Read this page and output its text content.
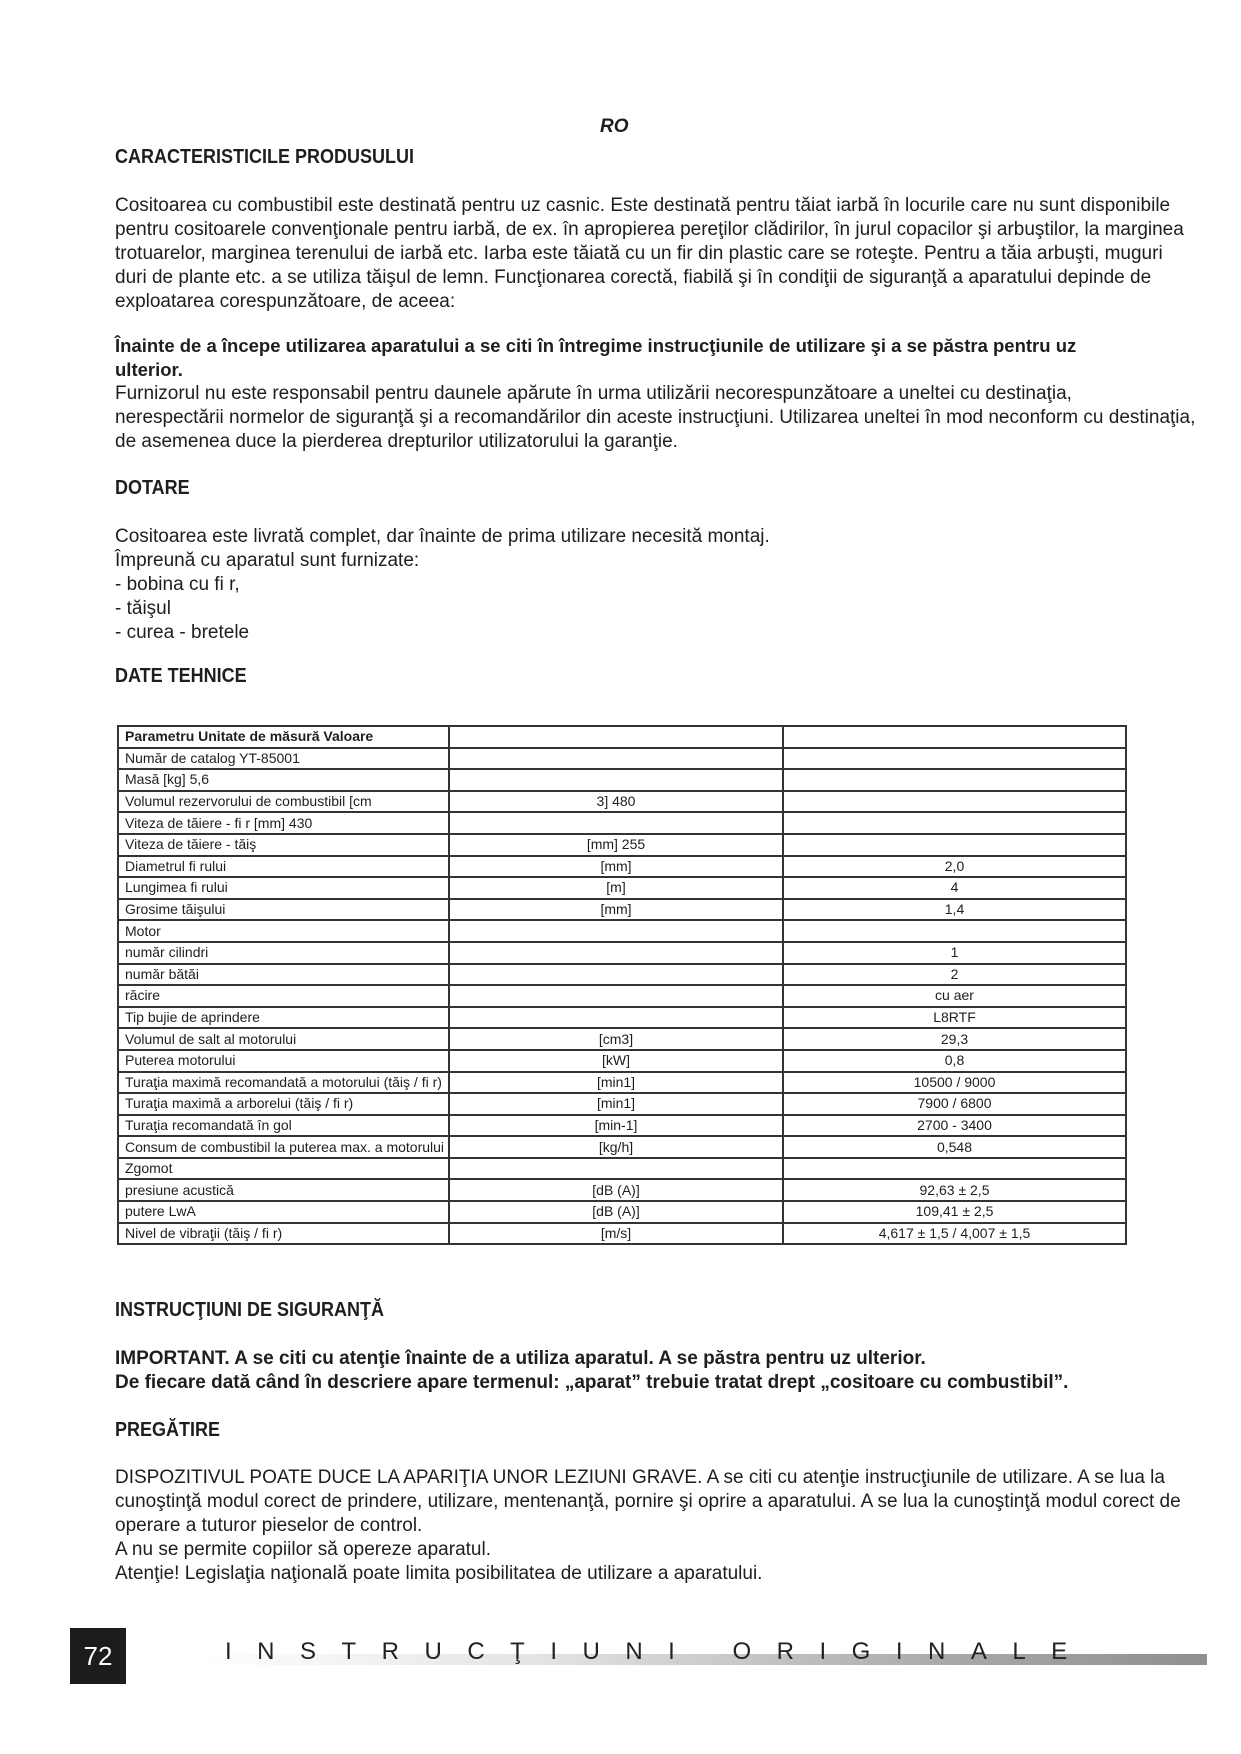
RO
CARACTERISTICILE PRODUSULUI
Cositoarea cu combustibil este destinată pentru uz casnic. Este destinată pentru tăiat iarbă în locurile care nu sunt disponibile
pentru cositoarele convenţionale pentru iarbă, de ex. în apropierea pereţilor clădirilor, în jurul copacilor şi arbuştilor, la marginea
trotuarelor, marginea terenului de iarbă etc. Iarba este tăiată cu un fir din plastic care se roteşte. Pentru a tăia arbuşti, muguri
duri de plante etc. a se utiliza tăişul de lemn. Funcţionarea corectă, fiabilă şi în condiţii de siguranţă a aparatului depinde de
exploatarea corespunzătoare, de aceea:
Înainte de a începe utilizarea aparatului a se citi în întregime instrucţiunile de utilizare şi a se păstra pentru uz ulterior.
Furnizorul nu este responsabil pentru daunele apărute în urma utilizării necorespunzătoare a uneltei cu destinaţia,
nerespectării normelor de siguranţă şi a recomandărilor din aceste instrucţiuni. Utilizarea uneltei în mod neconform cu destinaţia,
de asemenea duce la pierderea drepturilor utilizatorului la garanţie.
DOTARE
Cositoarea este livrată complet, dar înainte de prima utilizare necesită montaj.
Împreună cu aparatul sunt furnizate:
- bobina cu fi r,
- tăişul
- curea - bretele
DATE TEHNICE
Parametru Unitate de măsură Valoare		
Număr de catalog YT-85001		
Masă [kg] 5,6		
Volumul rezervorului de combustibil [cm	3] 480	
Viteza de tăiere - fi r [mm] 430		
Viteza de tăiere - tăiş	[mm] 255	
Diametrul fi rului	[mm]	2,0
Lungimea fi rului	[m]	4
Grosime tăişului	[mm]	1,4
Motor		
număr cilindri		1
număr bătăi		2
răcire		cu aer
Tip bujie de aprindere		L8RTF
Volumul de salt al motorului	[cm3]	29,3
Puterea motorului	[kW]	0,8
Turaţia maximă recomandată a motorului (tăiş / fi r)	[min1]	10500 / 9000
Turaţia maximă a arborelui (tăiş / fi r)	[min1]	7900 / 6800
Turaţia recomandată în gol	[min-1]	2700 - 3400
Consum de combustibil la puterea max. a motorului	[kg/h]	0,548
Zgomot		
presiune acustică	[dB (A)]	92,63 ± 2,5
putere LwA	[dB (A)]	109,41 ± 2,5
Nivel de vibraţii (tăiş / fi r)	[m/s]	4,617 ± 1,5 / 4,007 ± 1,5
INSTRUCŢIUNI DE SIGURANŢĂ
IMPORTANT. A se citi cu atenţie înainte de a utiliza aparatul. A se păstra pentru uz ulterior.
De fiecare dată când în descriere apare termenul: „aparat” trebuie tratat drept „cositoare cu combustibil”.
PREGĂTIRE
DISPOZITIVUL POATE DUCE LA APARIŢIA UNOR LEZIUNI GRAVE. A se citi cu atenţie instrucţiunile de utilizare. A se lua la
cunoştinţă modul corect de prindere, utilizare, mentenanţă, pornire şi oprire a aparatului. A se lua la cunoştinţă modul corect de
operare a tuturor pieselor de control.
A nu se permite copiilor să opereze aparatul.
Atenţie! Legislaţia naţională poate limita posibilitatea de utilizare a aparatului.
72	INSTRUCŢIUNI ORIGINALE
